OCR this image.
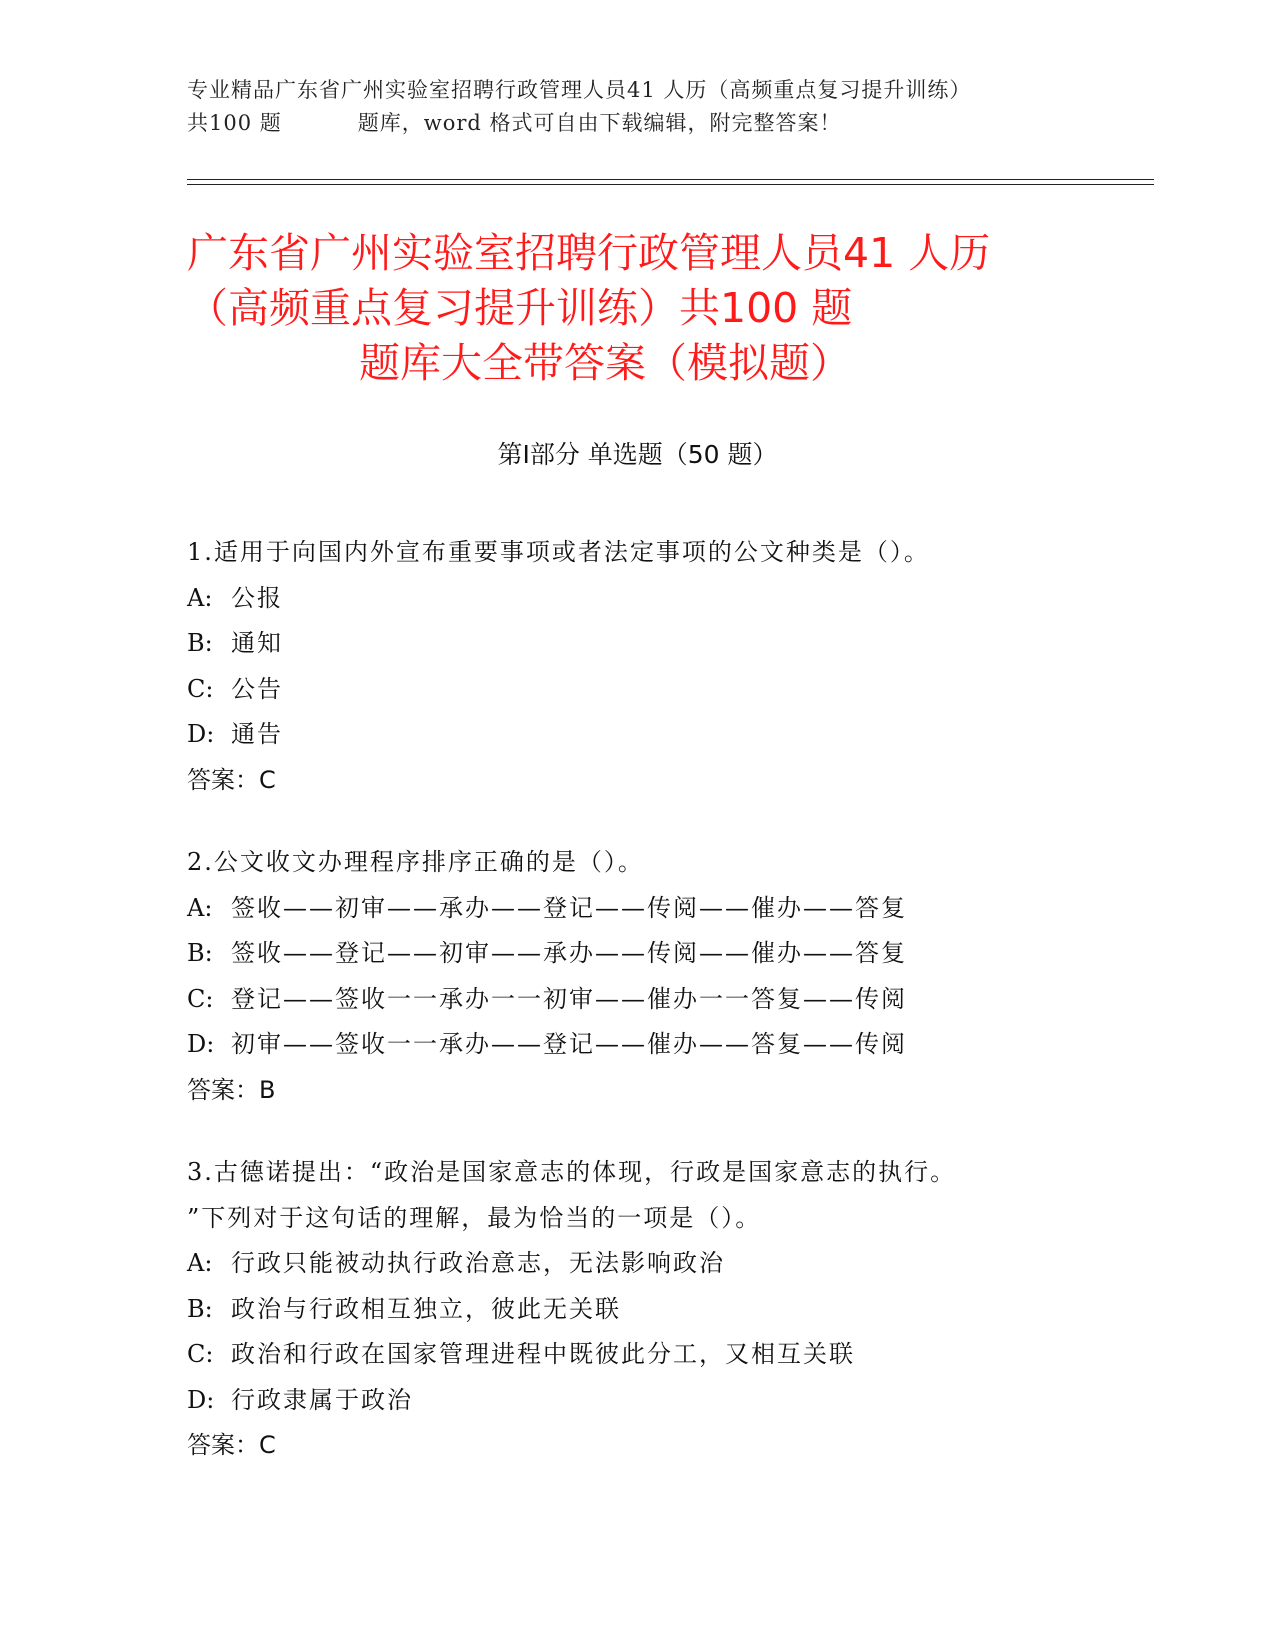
专业精品广东省广州实验室招聘行政管理人员41 人历（高频重点复习提升训练）
共100 题	题库，word 格式可自由下载编辑，附完整答案！
广东省广州实验室招聘行政管理人员41 人历
（高频重点复习提升训练）共100 题
题库大全带答案（模拟题）
第Ⅰ部分 单选题（50 题）
1.适用于向国内外宣布重要事项或者法定事项的公文种类是（）。
A: 公报
B: 通知
C: 公告
D: 通告
答案：C
2.公文收文办理程序排序正确的是（）。
A: 签收——初审——承办——登记——传阅——催办——答复
B: 签收——登记——初审——承办——传阅——催办——答复
C: 登记——签收一一承办一一初审——催办一一答复——传阅
D: 初审——签收一一承办——登记——催办——答复——传阅
答案：B
3.古德诺提出：“政治是国家意志的体现，行政是国家意志的执行。
”下列对于这句话的理解，最为恰当的一项是（）。
A: 行政只能被动执行政治意志，无法影响政治
B: 政治与行政相互独立，彼此无关联
C: 政治和行政在国家管理进程中既彼此分工，又相互关联
D: 行政隶属于政治
答案：C
